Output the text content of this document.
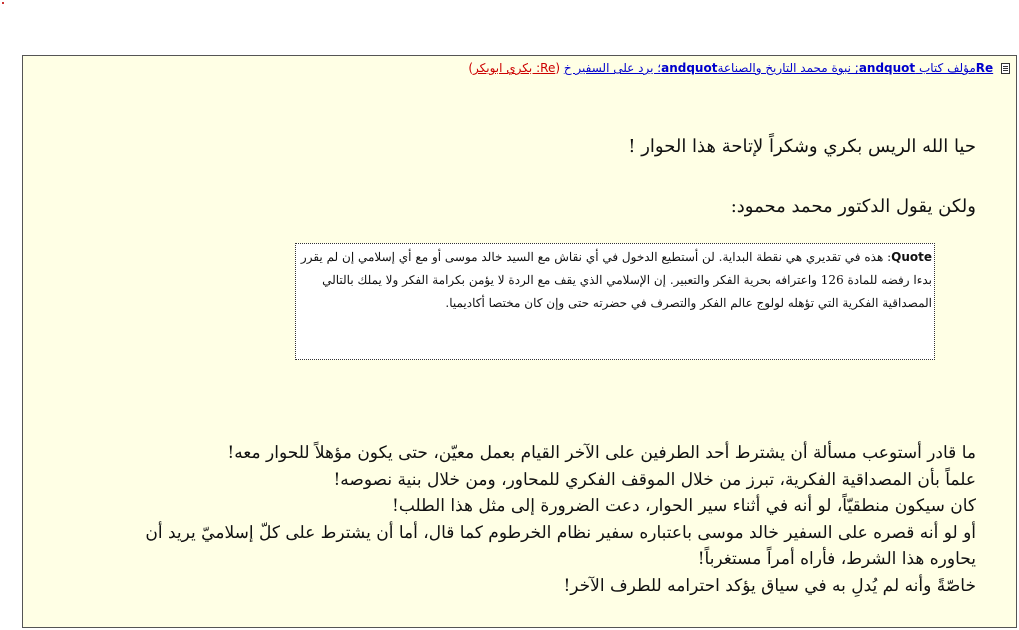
Reمؤلف كتاب andquot; نبوة محمد التاريخ والصناعةandquot؛ يرد على السفير خ (Re: بكري ابوبكر)
حيا الله الريس بكري وشكراً لإتاحة هذا الحوار !
ولكن يقول الدكتور محمد محمود:
Quote: هذه في تقديري هي نقطة البداية. لن أستطيع الدخول في أي نقاش مع السيد خالد موسى أو مع أي إسلامي إن لم يقرر بدءا رفضه للمادة 126 واعترافه بحرية الفكر والتعبير. إن الإسلامي الذي يقف مع الردة لا يؤمن بكرامة الفكر ولا يملك بالتالي المصداقية الفكرية التي تؤهله لولوج عالم الفكر والتصرف في حضرته حتى وإن كان مختصا أكاديميا.
ما قادر أستوعب مسألة أن يشترط أحد الطرفين على الآخر القيام بعمل معيّن، حتى يكون مؤهلاً للحوار معه!
علماً بأن المصداقية الفكرية، تبرز من خلال الموقف الفكري للمحاور، ومن خلال بنية نصوصه!
كان سيكون منطقيّاً، لو أنه في أثناء سير الحوار، دعت الضرورة إلى مثل هذا الطلب!
أو لو أنه قصره على السفير خالد موسى باعتباره سفير نظام الخرطوم كما قال، أما أن يشترط على كلّ إسلاميّ يريد أن
يحاوره هذا الشرط، فأراه أمراً مستغرباً!
خاصّةً وأنه لم يُدلِ به في سياق يؤكد احترامه للطرف الآخر!
